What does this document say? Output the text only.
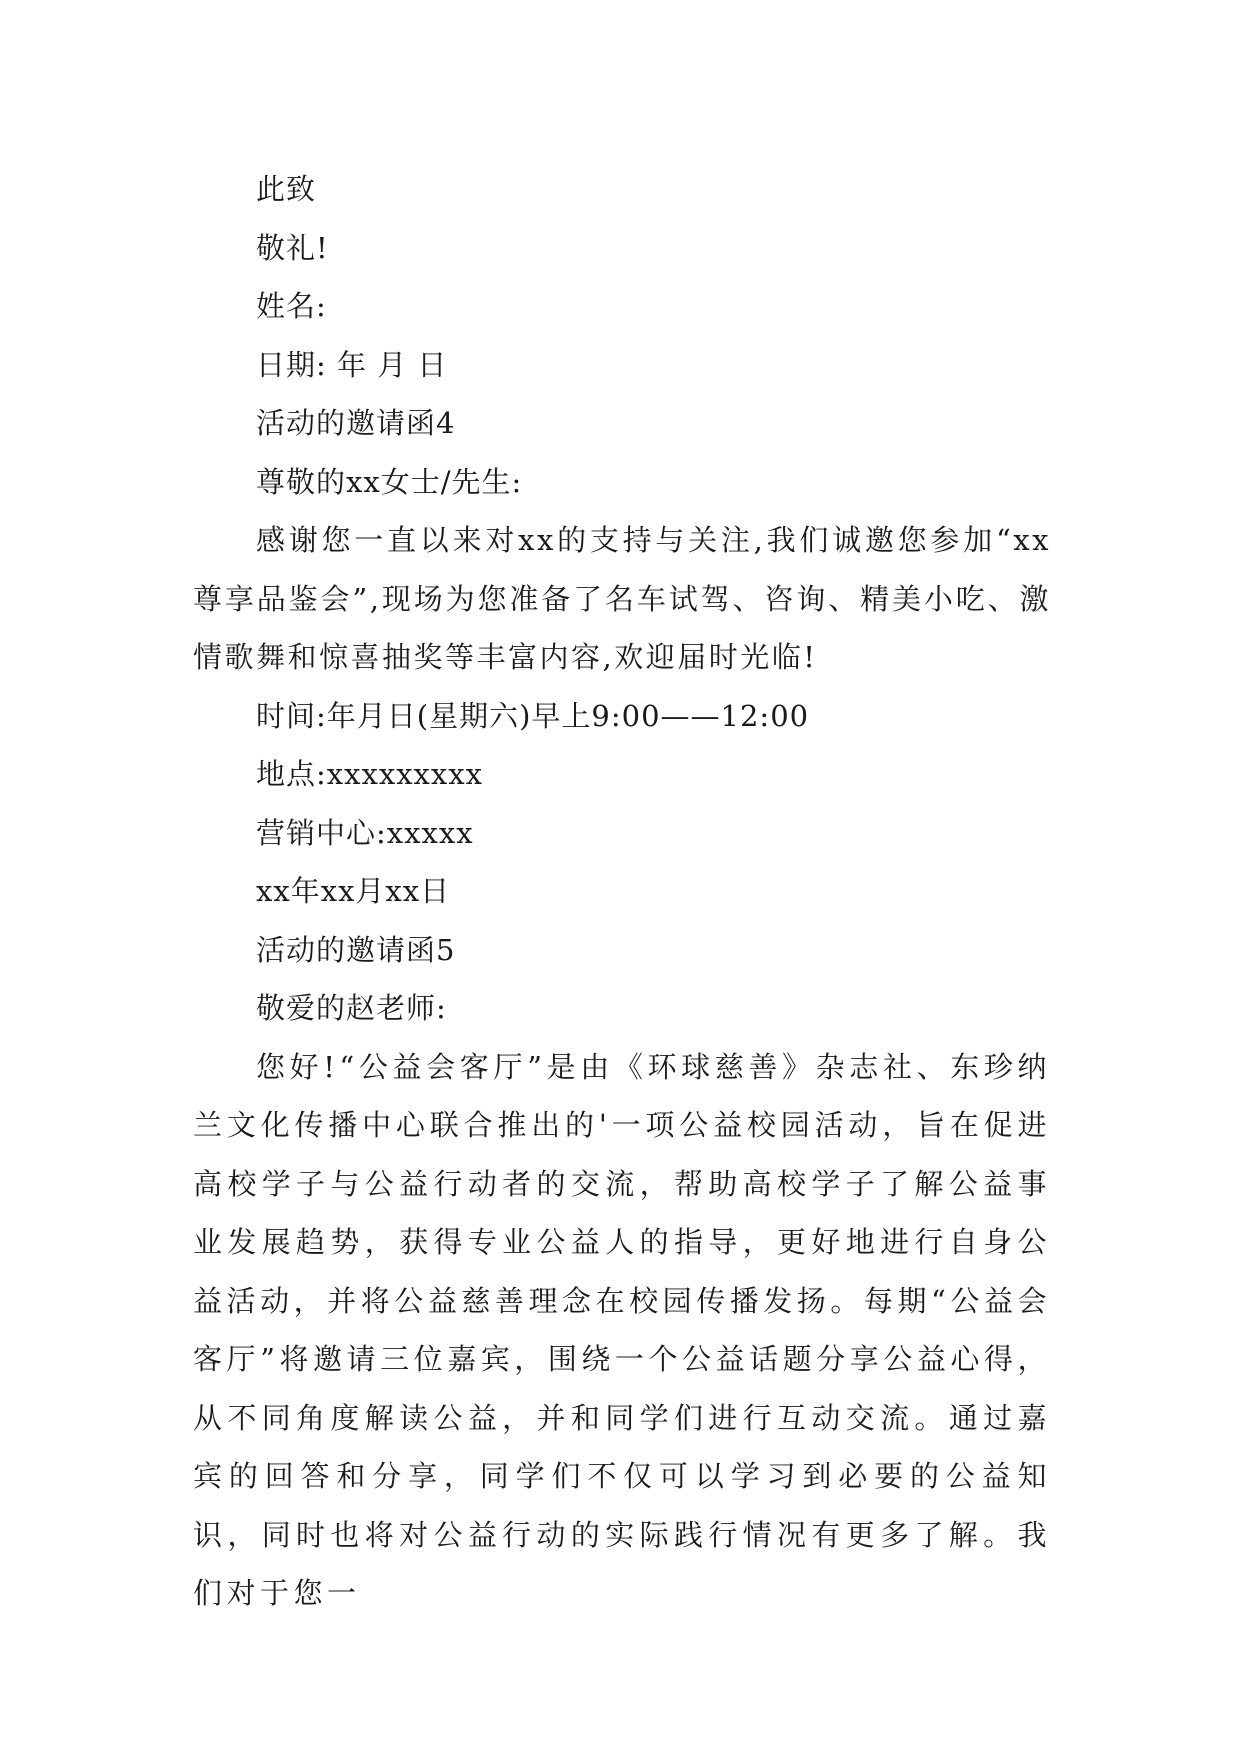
此致
敬礼!
姓名:
日期: 年 月 日
活动的邀请函4
尊敬的xx女士/先生:

感谢您一直以来对xx的支持与关注,我们诚邀您参加“xx尊享品鉴会”,现场为您准备了名车试驾、咨询、精美小吃、激情歌舞和惊喜抽奖等丰富内容,欢迎届时光临!

时间:年月日(星期六)早上9:00——12:00
地点:xxxxxxxxx
营销中心:xxxxx
xx年xx月xx日
活动的邀请函5
敬爱的赵老师:

您好!“公益会客厅”是由《环球慈善》杂志社、东珍纳兰文化传播中心联合推出的'一项公益校园活动，旨在促进高校学子与公益行动者的交流，帮助高校学子了解公益事业发展趋势，获得专业公益人的指导，更好地进行自身公益活动，并将公益慈善理念在校园传播发扬。每期“公益会客厅”将邀请三位嘉宾，围绕一个公益话题分享公益心得，从不同角度解读公益，并和同学们进行互动交流。通过嘉宾的回答和分享，同学们不仅可以学习到必要的公益知识，同时也将对公益行动的实际践行情况有更多了解。我们对于您一
